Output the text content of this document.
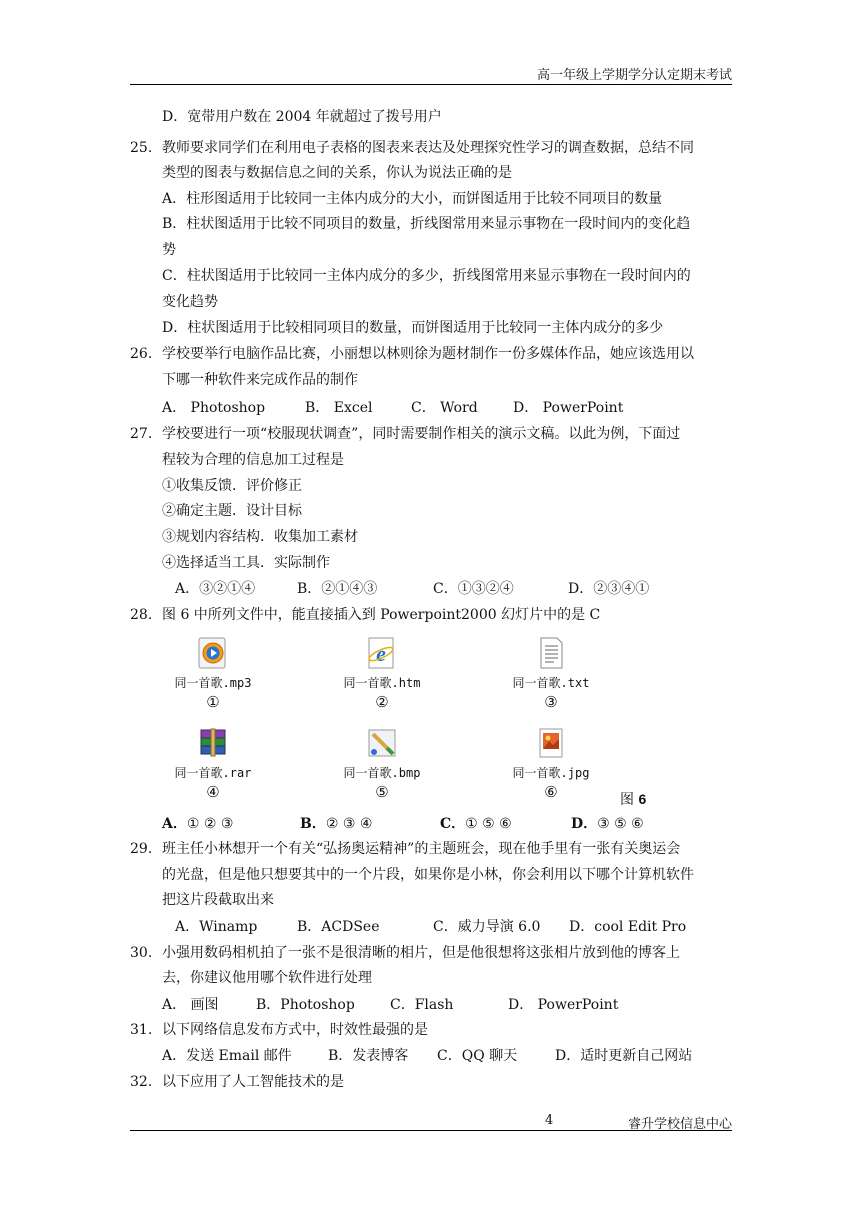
高一年级上学期学分认定期末考试
D．宽带用户数在 2004 年就超过了拨号用户
25. 教师要求同学们在利用电子表格的图表来表达及处理探究性学习的调查数据，总结不同
类型的图表与数据信息之间的关系，你认为说法正确的是
A．柱形图适用于比较同一主体内成分的大小，而饼图适用于比较不同项目的数量
B．柱状图适用于比较不同项目的数量，折线图常用来显示事物在一段时间内的变化趋
势
C．柱状图适用于比较同一主体内成分的多少，折线图常用来显示事物在一段时间内的
变化趋势
D．柱状图适用于比较相同项目的数量，而饼图适用于比较同一主体内成分的多少
26. 学校要举行电脑作品比赛，小丽想以林则徐为题材制作一份多媒体作品，她应该选用以
下哪一种软件来完成作品的制作
A． Photoshop	B． Excel	C． Word	D． PowerPoint
27. 学校要进行一项“校服现状调查”，同时需要制作相关的演示文稿。以此为例，下面过
程较为合理的信息加工过程是
①收集反馈．评价修正
②确定主题．设计目标
③规划内容结构．收集加工素材
④选择适当工具．实际制作
A．③②①④	B．②①④③	C．①③②④	D．②③④①
28. 图 6 中所列文件中，能直接插入到 Powerpoint2000 幻灯片中的是 C
同一首歌.mp3
①
e
同一首歌.htm
②
同一首歌.txt
③
同一首歌.rar
④
同一首歌.bmp
⑤
同一首歌.jpg
⑥	图 6
A．① ② ③	B．② ③ ④	C．① ⑤ ⑥	D．③ ⑤ ⑥
29. 班主任小林想开一个有关“弘扬奥运精神”的主题班会，现在他手里有一张有关奥运会
的光盘，但是他只想要其中的一个片段，如果你是小林，你会利用以下哪个计算机软件
把这片段截取出来
A．Winamp	B．ACDSee	C．威力导演 6.0 D．cool Edit Pro
30. 小强用数码相机拍了一张不是很清晰的相片，但是他很想将这张相片放到他的博客上
去，你建议他用哪个软件进行处理
A． 画图	B．Photoshop	C．Flash	D． PowerPoint
31. 以下网络信息发布方式中，时效性最强的是
A．发送 Email 邮件	B．发表博客 C．QQ 聊天	D．适时更新自己网站
32. 以下应用了人工智能技术的是
4	睿升学校信息中心
